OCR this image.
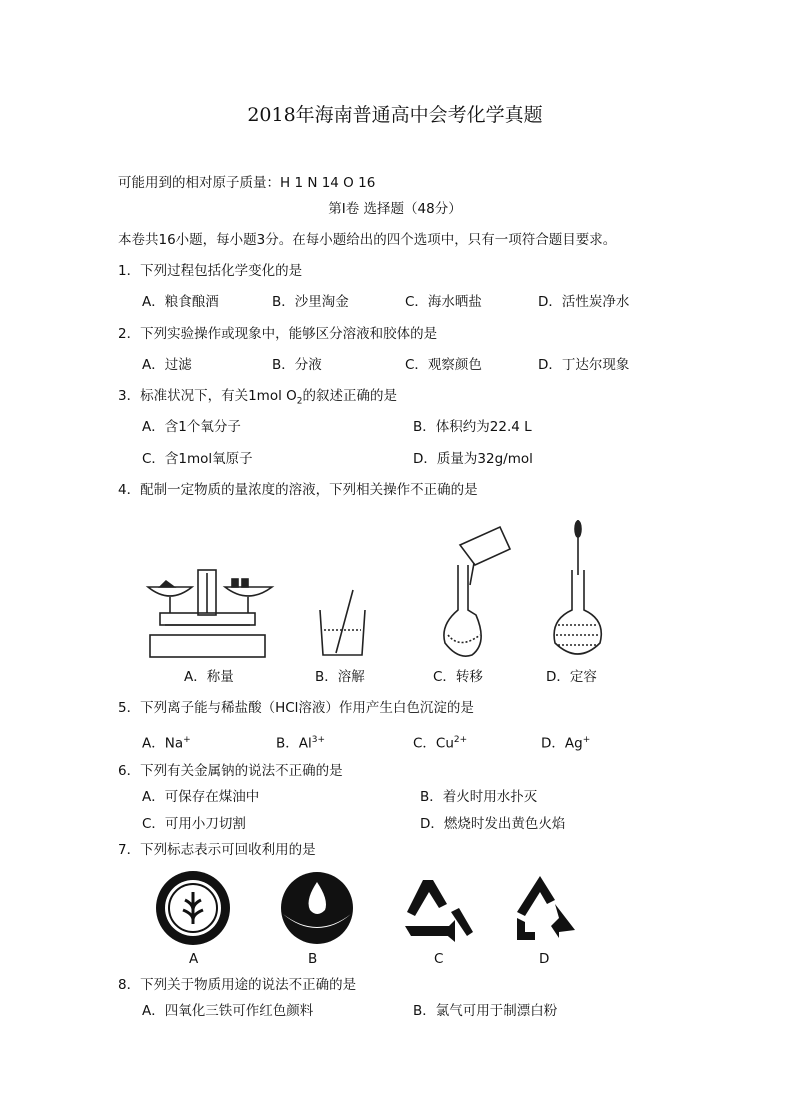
2018年海南普通高中会考化学真题
可能用到的相对原子质量：H 1 N 14 O 16
第Ⅰ卷 选择题（48分）
本卷共16小题，每小题3分。在每小题给出的四个选项中，只有一项符合题目要求。
1．下列过程包括化学变化的是
A．粮食酿酒	B．沙里淘金	C．海水晒盐	D．活性炭净水
2．下列实验操作或现象中，能够区分溶液和胶体的是
A．过滤	B．分液	C．观察颜色	D．丁达尔现象
3．标准状况下，有关1mol $O_2$的叙述正确的是
A．含1个氧分子	B．体积约为22.4 L
C．含1mol氧原子	D．质量为32g/mol
4．配制一定物质的量浓度的溶液，下列相关操作不正确的是
A．称量	B．溶解	C．转移	D．定容
5．下列离子能与稀盐酸（HCl溶液）作用产生白色沉淀的是
A．Na+	B．$Al^{3+}$	C．$Cu^{2+}$	D．Ag+
6．下列有关金属钠的说法不正确的是
A．可保存在煤油中	B．着火时用水扑灭
C．可用小刀切割	D．燃烧时发出黄色火焰
7．下列标志表示可回收利用的是
A	B	C	D
8．下列关于物质用途的说法不正确的是
A．四氧化三铁可作红色颜料	B．氯气可用于制漂白粉
